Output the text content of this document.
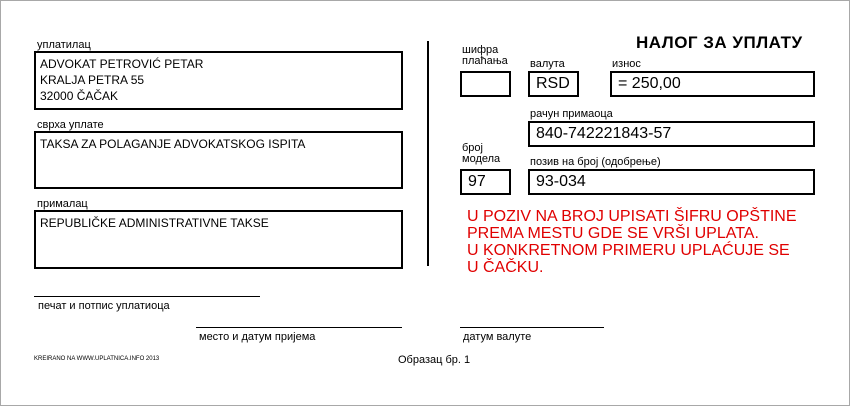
уплатилац
ADVOKAT PETROVIĆ PETAR
KRALJA PETRA 55
32000 ČAČAK
сврха уплате
TAKSA ZA POLAGANJE ADVOKATSKOG ISPITA
прималац
REPUBLIČKE ADMINISTRATIVNE TAKSE
печат и потпис уплатиоца
место и датум пријема
KREIRANO NA WWW.UPLATNICA.INFO 2013
НАЛОГ ЗА УПЛАТУ
шифра
плаћања валута
RSD
износ
= 250,00
рачун примаоца
840-742221843-57
број
модела
97
позив на број (одобрење)
93-034
U POZIV NA BROJ UPISATI ŠIFRU OPŠTINE
PREMA MESTU GDE SE VRŠI UPLATA.
U KONKRETNOM PRIMERU UPLAĆUJE SE
U ČAČKU.
датум валуте
Образац бр. 1
